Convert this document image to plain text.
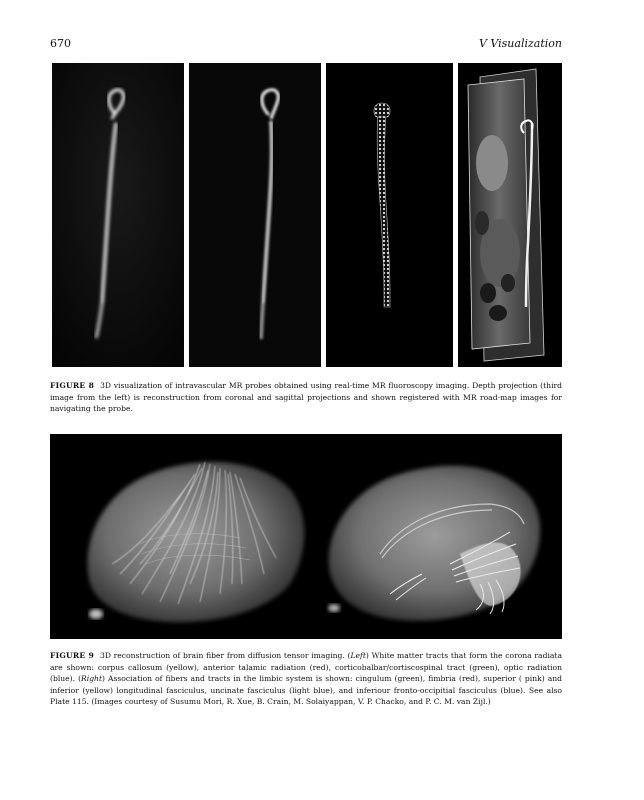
670	V Visualization
FIGURE 8 3D visualization of intravascular MR probes obtained using real-time MR fluoroscopy imaging. Depth projection (third image from the left) is reconstruction from coronal and sagittal projections and shown registered with MR road-map images for navigating the probe.
FIGURE 9 3D reconstruction of brain fiber from diffusion tensor imaging. (Left) White matter tracts that form the corona radiata are shown: corpus callosum (yellow), anterior talamic radiation (red), corticobalbar/cortiscospinal tract (green), optic radiation (blue). (Right) Association of fibers and tracts in the limbic system is shown: cingulum (green), fimbria (red), superior ( pink) and inferior (yellow) longitudinal fasciculus, uncinate fasciculus (light blue), and inferiour fronto-occipitial fasciculus (blue). See also Plate 115. (Images courtesy of Susumu Mori, R. Xue, B. Crain, M. Solaiyappan, V. P. Chacko, and P. C. M. van Zijl.)
